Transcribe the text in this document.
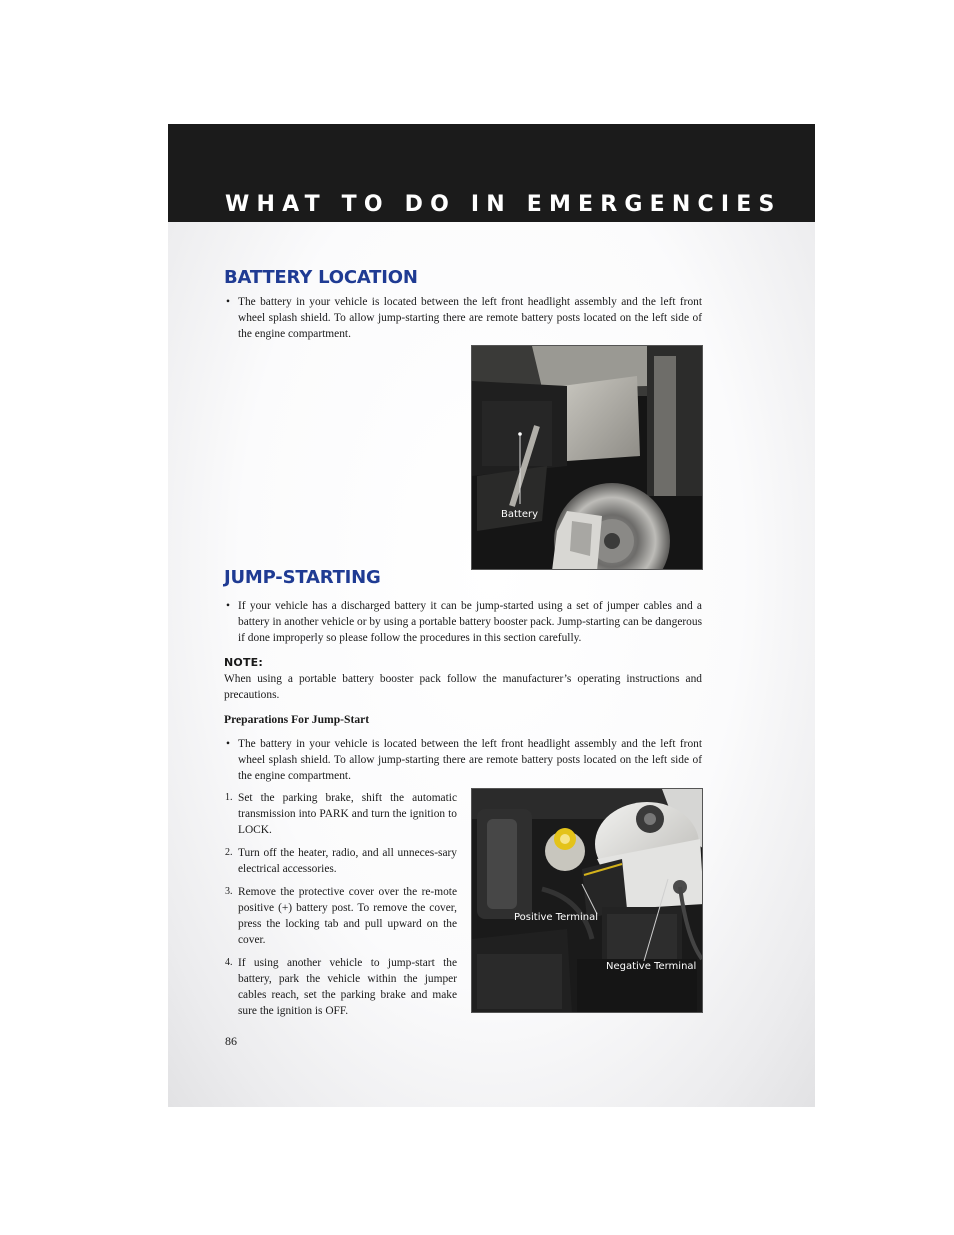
WHAT TO DO IN EMERGENCIES
BATTERY LOCATION
• The battery in your vehicle is located between the left front headlight assembly and the left front wheel splash shield. To allow jump-starting there are remote battery posts located on the left side of the engine compartment.
Battery
JUMP-STARTING
• If your vehicle has a discharged battery it can be jump-started using a set of jumper cables and a battery in another vehicle or by using a portable battery booster pack. Jump-starting can be dangerous if done improperly so please follow the procedures in this section carefully.
NOTE:
When using a portable battery booster pack follow the manufacturer’s operating instructions and precautions.
Preparations For Jump-Start
• The battery in your vehicle is located between the left front headlight assembly and the left front wheel splash shield. To allow jump-starting there are remote battery posts located on the left side of the engine compartment.
1. Set the parking brake, shift the automatic transmission into PARK and turn the ignition to LOCK.
2. Turn off the heater, radio, and all unneces-sary electrical accessories.
3. Remove the protective cover over the re-mote positive (+) battery post. To remove the cover, press the locking tab and pull upward on the cover.
4. If using another vehicle to jump-start the battery, park the vehicle within the jumper cables reach, set the parking brake and make sure the ignition is OFF.
Positive Terminal
Negative Terminal
86
